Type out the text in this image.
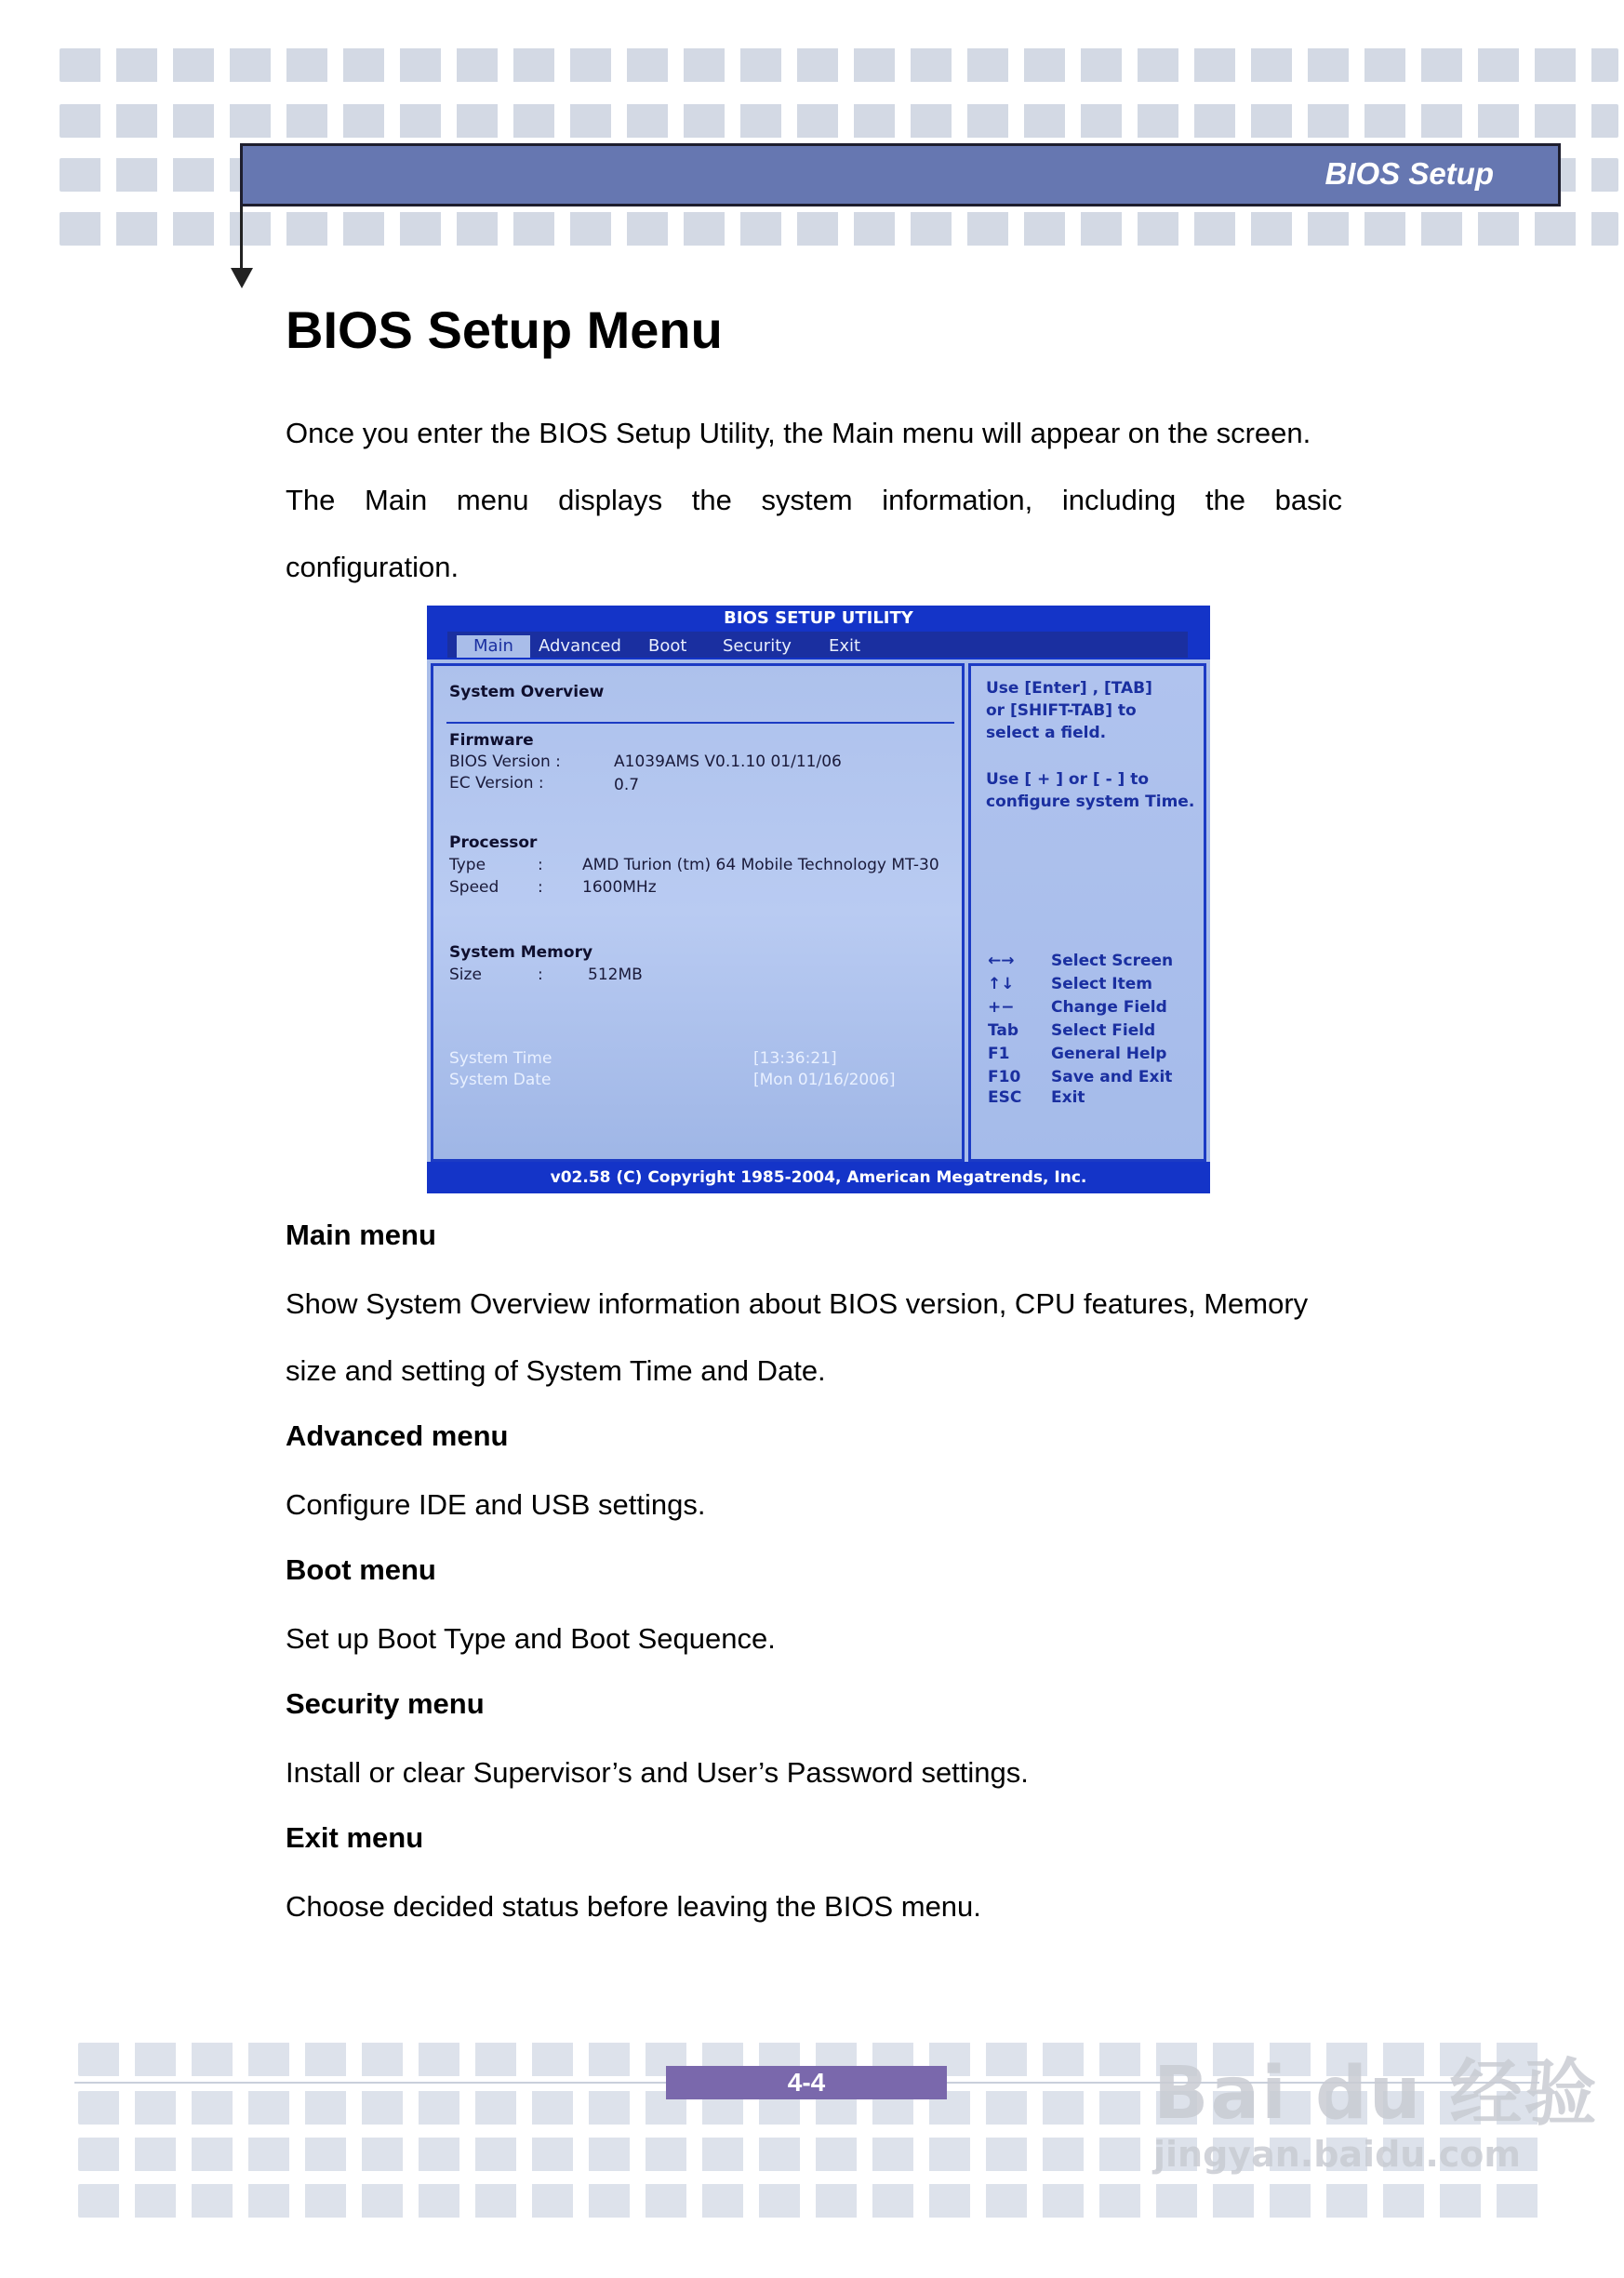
BIOS Setup
BIOS Setup Menu
Once you enter the BIOS Setup Utility, the Main menu will appear on the screen.
The Main menu displays the system information, including the basic
configuration.
BIOS SETUP UTILITY
Main	Advanced	Boot	Security	Exit
System Overview
Firmware
BIOS Version :	A1039AMS V0.1.10 01/11/06
EC Version :	0.7
Processor
Type	: AMD Turion (tm) 64 Mobile Technology MT-30
Speed : 1600MHz
System Memory
Size	:	512MB
System Time	[13:36:21]
System Date	[Mon 01/16/2006]
Use [Enter] , [TAB]
or [SHIFT-TAB] to
select a field.
Use [ + ] or [ - ] to
configure system Time.
←→ Select Screen
↑↓ Select Item
+− Change Field
Tab Select Field
F1	General Help
F10 Save and Exit
ESC Exit
v02.58 (C) Copyright 1985-2004, American Megatrends, Inc.
Main menu

Show System Overview information about BIOS version, CPU features, Memory

size and setting of System Time and Date.

Advanced menu

Configure IDE and USB settings.

Boot menu

Set up Boot Type and Boot Sequence.

Security menu

Install or clear Supervisor’s and User’s Password settings.

Exit menu

Choose decided status before leaving the BIOS menu.

4-4	Bai du 经验
jingyan.baidu.com
